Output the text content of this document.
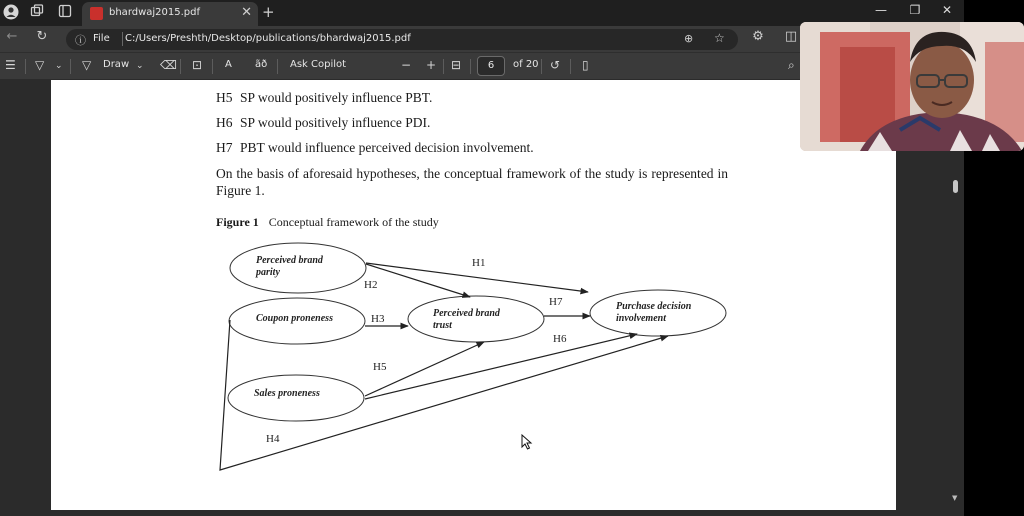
bhardwaj2015.pdf	✕ +	—	❐	✕
← ↻	ⓘ File C:/Users/Preshth/Desktop/publications/bhardwaj2015.pdf	⊕ ☆ ⚙ ◫
☰ ▽ ⌄ ▽ Draw ⌄ ⌫ ⊡ A ãð Ask Copilot	− + ⊟	6	of 20 ↺ ▯	⌕
H5 SP would positively influence PBT.
H6 SP would positively influence PDI.
H7 PBT would influence perceived decision involvement.

On the basis of aforesaid hypotheses, the conceptual framework of the study is represented in Figure 1.

Figure 1 Conceptual framework of the study
Perceived brand
parity
Coupon proneness
Sales proneness
Perceived brand
trust
Purchase decision
involvement
H1
H2
H3
H4
H5
H6
H7
▼
